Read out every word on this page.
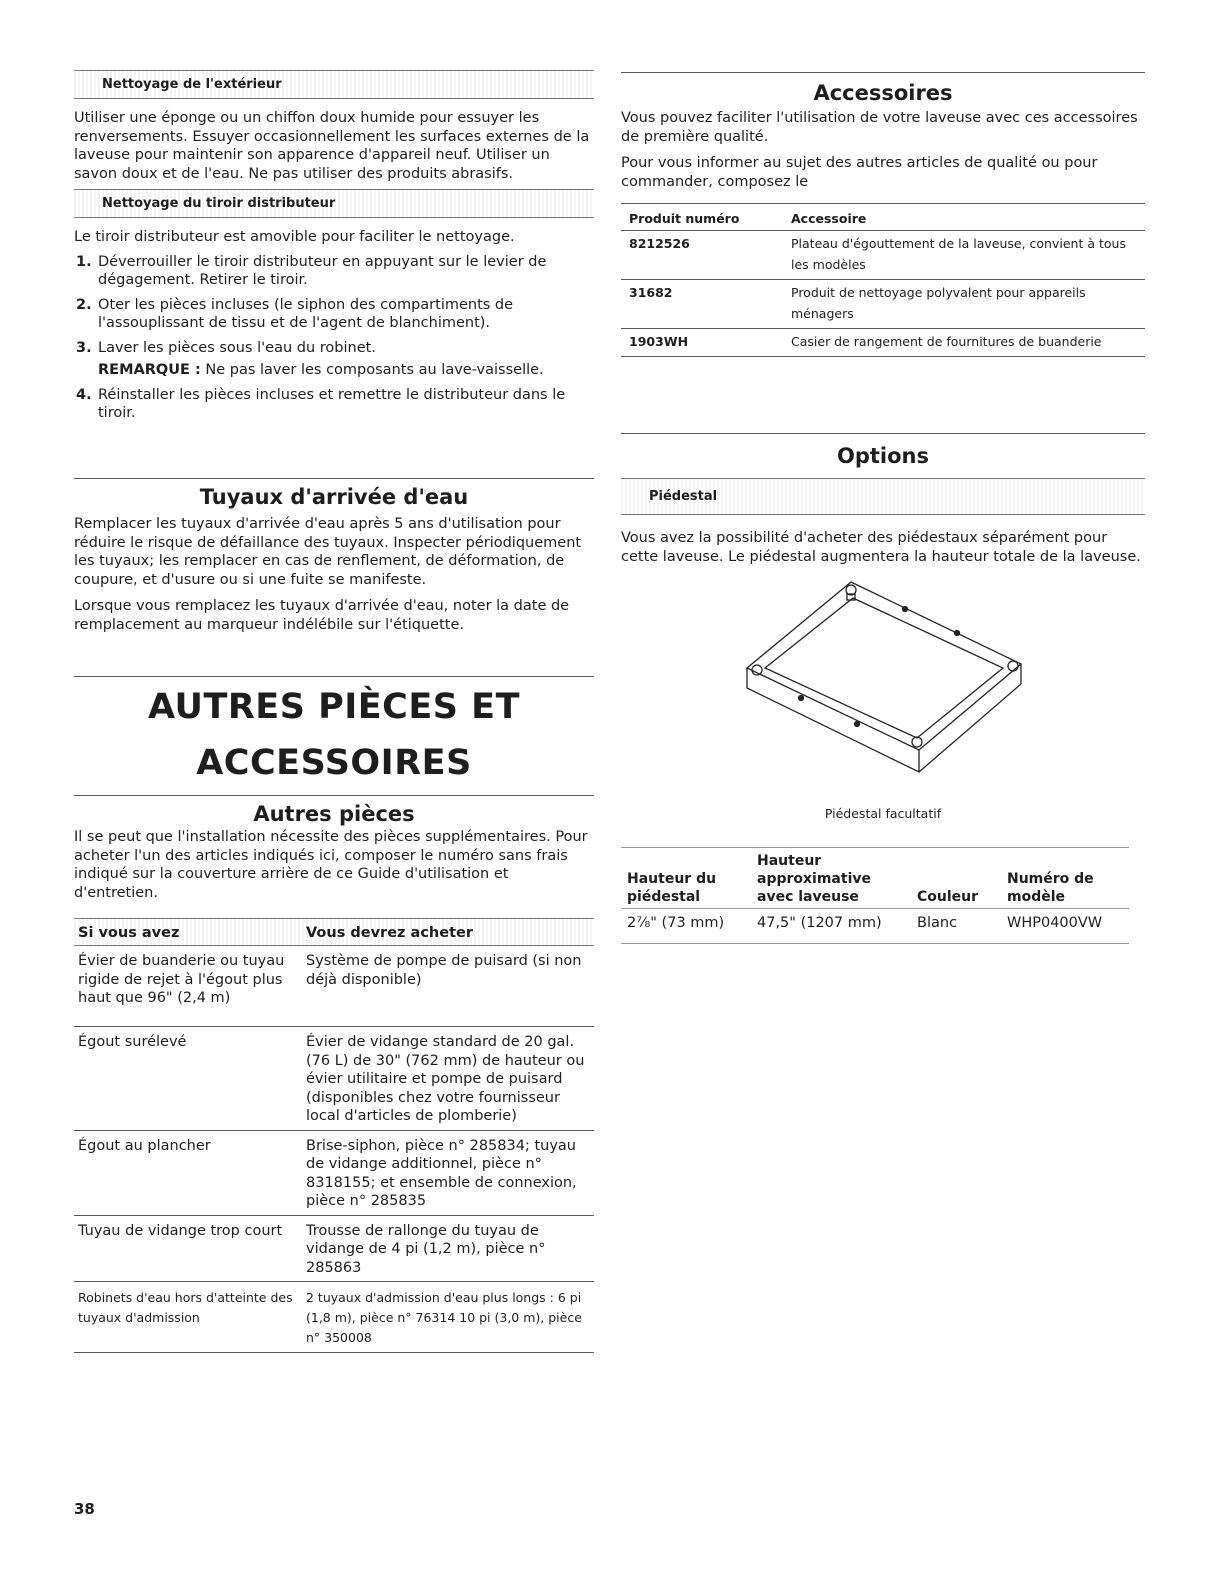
Nettoyage de l'extérieur

Utiliser une éponge ou un chiffon doux humide pour essuyer les renversements. Essuyer occasionnellement les surfaces externes de la laveuse pour maintenir son apparence d'appareil neuf. Utiliser un savon doux et de l'eau. Ne pas utiliser des produits abrasifs.

Nettoyage du tiroir distributeur

Le tiroir distributeur est amovible pour faciliter le nettoyage.

1. Déverrouiller le tiroir distributeur en appuyant sur le levier de dégagement. Retirer le tiroir.
2. Oter les pièces incluses (le siphon des compartiments de l'assouplissant de tissu et de l'agent de blanchiment).
3. Laver les pièces sous l'eau du robinet.
REMARQUE : Ne pas laver les composants au lave-vaisselle.
4. Réinstaller les pièces incluses et remettre le distributeur dans le tiroir.
Tuyaux d'arrivée d'eau

Remplacer les tuyaux d'arrivée d'eau après 5 ans d'utilisation pour réduire le risque de défaillance des tuyaux. Inspecter périodiquement les tuyaux; les remplacer en cas de renflement, de déformation, de coupure, et d'usure ou si une fuite se manifeste.

Lorsque vous remplacez les tuyaux d'arrivée d'eau, noter la date de remplacement au marqueur indélébile sur l'étiquette.

AUTRES PIÈCES ET
ACCESSOIRES
Autres pièces

Il se peut que l'installation nécessite des pièces supplémentaires. Pour acheter l'un des articles indiqués ici, composer le numéro sans frais indiqué sur la couverture arrière de ce Guide d'utilisation et d'entretien.

Si vous avez	Vous devrez acheter
Évier de buanderie ou tuyau rigide de rejet à l'égout plus haut que 96" (2,4 m)	Système de pompe de puisard (si non déjà disponible)
Égout surélevé	Évier de vidange standard de 20 gal. (76 L) de 30" (762 mm) de hauteur ou évier utilitaire et pompe de puisard (disponibles chez votre fournisseur local d'articles de plomberie)
Égout au plancher	Brise-siphon, pièce n° 285834; tuyau de vidange additionnel, pièce n° 8318155; et ensemble de connexion, pièce n° 285835
Tuyau de vidange trop court	Trousse de rallonge du tuyau de vidange de 4 pi (1,2 m), pièce n° 285863
Robinets d'eau hors d'atteinte des tuyaux d'admission	2 tuyaux d'admission d'eau plus longs : 6 pi (1,8 m), pièce n° 76314 10 pi (3,0 m), pièce n° 350008
Accessoires

Vous pouvez faciliter l'utilisation de votre laveuse avec ces accessoires de première qualité.

Pour vous informer au sujet des autres articles de qualité ou pour commander, composez le

Produit numéro	Accessoire
8212526	Plateau d'égouttement de la laveuse, convient à tous les modèles
31682	Produit de nettoyage polyvalent pour appareils ménagers
1903WH	Casier de rangement de fournitures de buanderie
Options
Piédestal

Vous avez la possibilité d'acheter des piédestaux séparément pour cette laveuse. Le piédestal augmentera la hauteur totale de la laveuse.

Piédestal facultatif
Hauteur du piédestal	Hauteur approximative avec laveuse	Couleur	Numéro de modèle
2⅞" (73 mm)	47,5" (1207 mm)	Blanc	WHP0400VW
38
